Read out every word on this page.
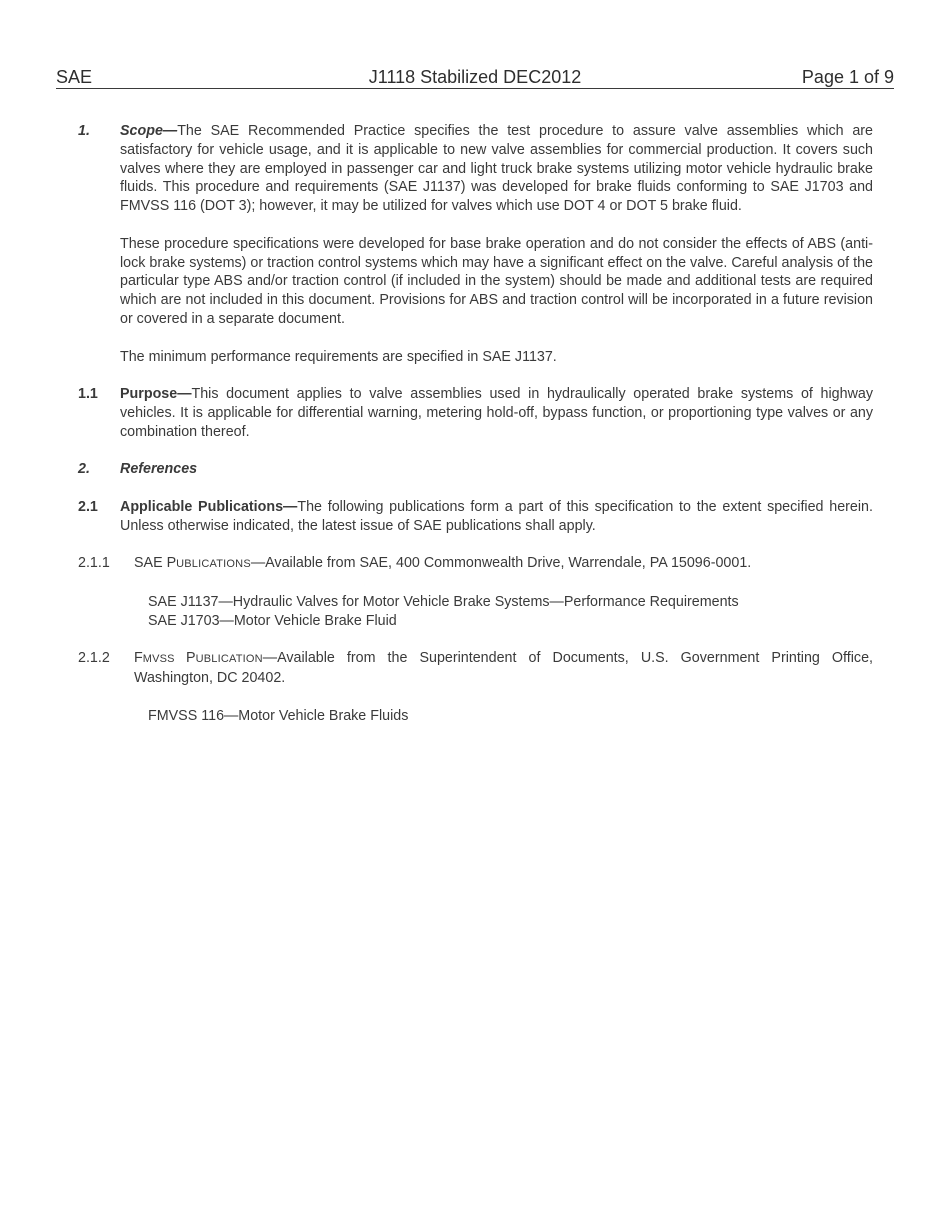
SAE	J1118 Stabilized DEC2012	Page 1 of 9
1. Scope—The SAE Recommended Practice specifies the test procedure to assure valve assemblies which are satisfactory for vehicle usage, and it is applicable to new valve assemblies for commercial production. It covers such valves where they are employed in passenger car and light truck brake systems utilizing motor vehicle hydraulic brake fluids. This procedure and requirements (SAE J1137) was developed for brake fluids conforming to SAE J1703 and FMVSS 116 (DOT 3); however, it may be utilized for valves which use DOT 4 or DOT 5 brake fluid.

These procedure specifications were developed for base brake operation and do not consider the effects of ABS (anti-lock brake systems) or traction control systems which may have a significant effect on the valve. Careful analysis of the particular type ABS and/or traction control (if included in the system) should be made and additional tests are required which are not included in this document. Provisions for ABS and traction control will be incorporated in a future revision or covered in a separate document.

The minimum performance requirements are specified in SAE J1137.

1.1 Purpose—This document applies to valve assemblies used in hydraulically operated brake systems of highway vehicles. It is applicable for differential warning, metering hold-off, bypass function, or proportioning type valves or any combination thereof.

2. References

2.1 Applicable Publications—The following publications form a part of this specification to the extent specified herein. Unless otherwise indicated, the latest issue of SAE publications shall apply.

2.1.1 SAE PUBLICATIONS—Available from SAE, 400 Commonwealth Drive, Warrendale, PA 15096-0001.

SAE J1137—Hydraulic Valves for Motor Vehicle Brake Systems—Performance Requirements
SAE J1703—Motor Vehicle Brake Fluid
2.1.2 FMVSS PUBLICATION—Available from the Superintendent of Documents, U.S. Government Printing Office, Washington, DC 20402.

FMVSS 116—Motor Vehicle Brake Fluids
